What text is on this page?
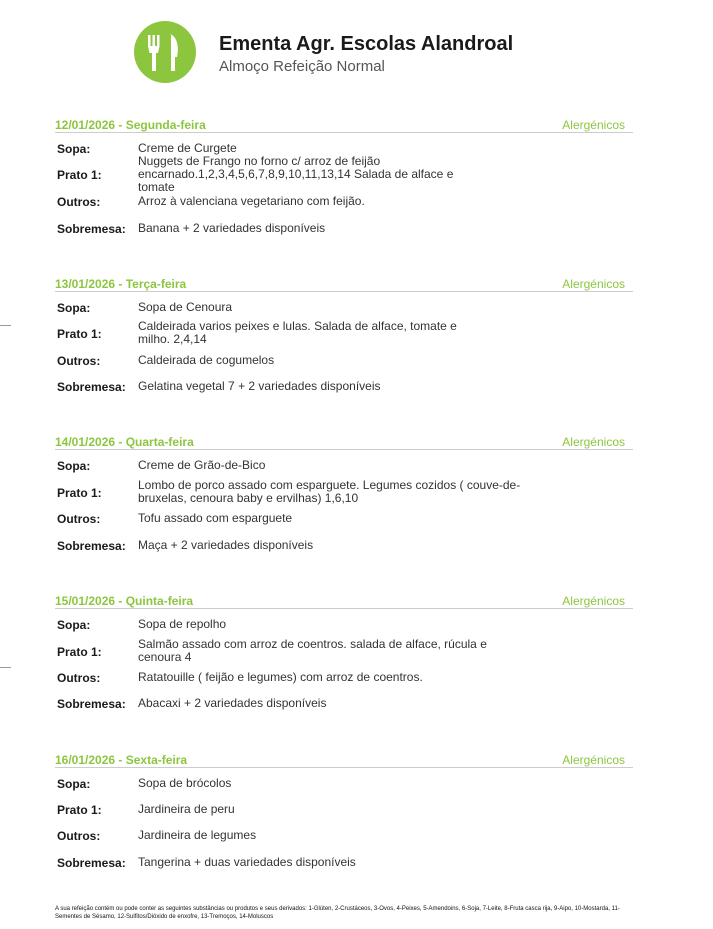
Ementa Agr. Escolas Alandroal
Almoço Refeição Normal
12/01/2026 - Segunda-feira	Alergénicos
Sopa:	Creme de Curgete
Prato 1:
Nuggets de Frango no forno c/ arroz de feijão encarnado.1,2,3,4,5,6,7,8,9,10,11,13,14 Salada de alface e tomate
Outros:	Arroz à valenciana vegetariano com feijão.
Sobremesa: Banana + 2 variedades disponíveis
13/01/2026 - Terça-feira	Alergénicos
Sopa:	Sopa de Cenoura
Prato 1:
Caldeirada varios peixes e lulas. Salada de alface, tomate e milho. 2,4,14
Outros:	Caldeirada de cogumelos
Sobremesa: Gelatina vegetal 7 + 2 variedades disponíveis
14/01/2026 - Quarta-feira	Alergénicos
Sopa:	Creme de Grão-de-Bico
Prato 1:
Lombo de porco assado com esparguete. Legumes cozidos ( couve-de-bruxelas, cenoura baby e ervilhas) 1,6,10
Outros:	Tofu assado com esparguete
Sobremesa: Maça + 2 variedades disponíveis
15/01/2026 - Quinta-feira	Alergénicos
Sopa:	Sopa de repolho
Prato 1:
Salmão assado com arroz de coentros. salada de alface, rúcula e cenoura 4
Outros:	Ratatouille ( feijão e legumes) com arroz de coentros.
Sobremesa: Abacaxi + 2 variedades disponíveis
16/01/2026 - Sexta-feira	Alergénicos
Sopa:	Sopa de brócolos
Prato 1:	Jardineira de peru
Outros:	Jardineira de legumes
Sobremesa: Tangerina + duas variedades disponíveis
A sua refeição contém ou pode conter as seguintes substâncias ou produtos e seus derivados: 1-Glúten, 2-Crustáceos, 3-Ovos, 4-Peixes, 5-Amendoins, 6-Soja, 7-Leite, 8-Fruta casca rija, 9-Aipo, 10-Mostarda, 11-Sementes de Sésamo, 12-Sulfitos/Dióxido de enxofre, 13-Tremoços, 14-Moluscos
